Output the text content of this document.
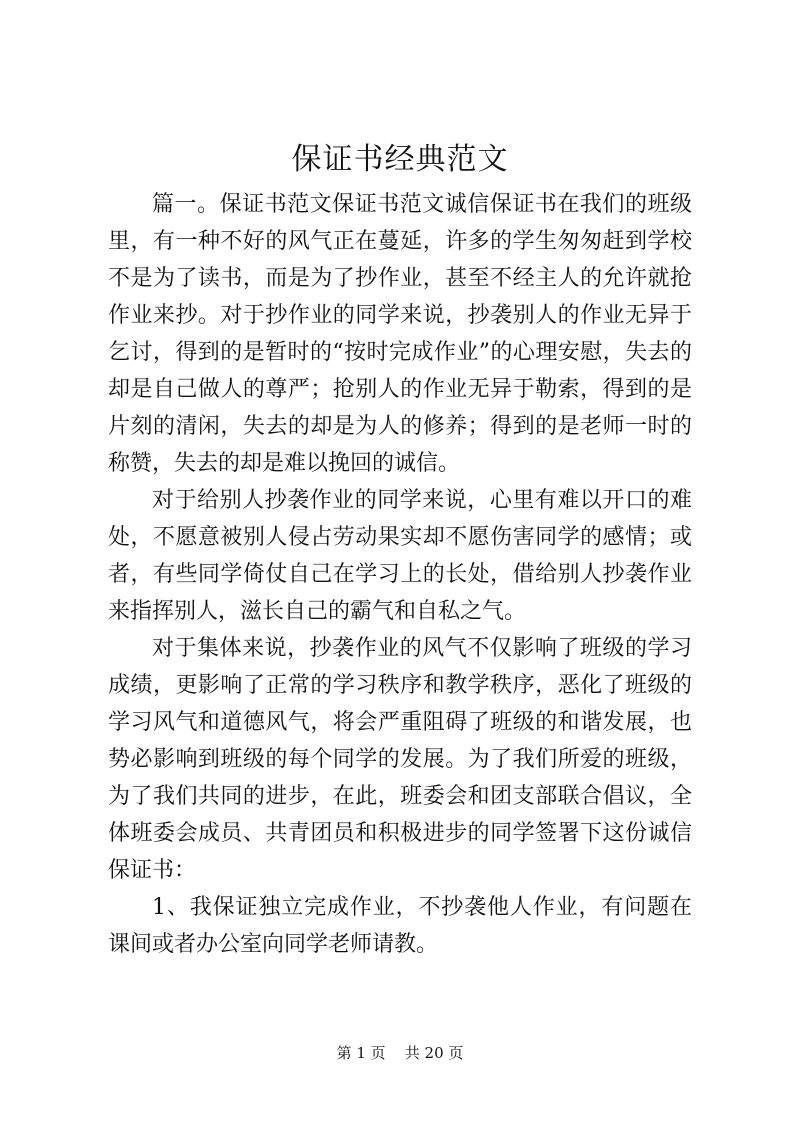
保证书经典范文

篇一。保证书范文保证书范文诚信保证书在我们的班级里，有一种不好的风气正在蔓延，许多的学生匆匆赶到学校不是为了读书，而是为了抄作业，甚至不经主人的允许就抢作业来抄。对于抄作业的同学来说，抄袭别人的作业无异于乞讨，得到的是暂时的“按时完成作业”的心理安慰，失去的却是自己做人的尊严；抢别人的作业无异于勒索，得到的是片刻的清闲，失去的却是为人的修养；得到的是老师一时的称赞，失去的却是难以挽回的诚信。

对于给别人抄袭作业的同学来说，心里有难以开口的难处，不愿意被别人侵占劳动果实却不愿伤害同学的感情；或者，有些同学倚仗自己在学习上的长处，借给别人抄袭作业来指挥别人，滋长自己的霸气和自私之气。

对于集体来说，抄袭作业的风气不仅影响了班级的学习成绩，更影响了正常的学习秩序和教学秩序，恶化了班级的学习风气和道德风气，将会严重阻碍了班级的和谐发展，也势必影响到班级的每个同学的发展。为了我们所爱的班级，为了我们共同的进步，在此，班委会和团支部联合倡议，全体班委会成员、共青团员和积极进步的同学签署下这份诚信保证书：

1、我保证独立完成作业，不抄袭他人作业，有问题在课间或者办公室向同学老师请教。

第 1 页 共 20 页
